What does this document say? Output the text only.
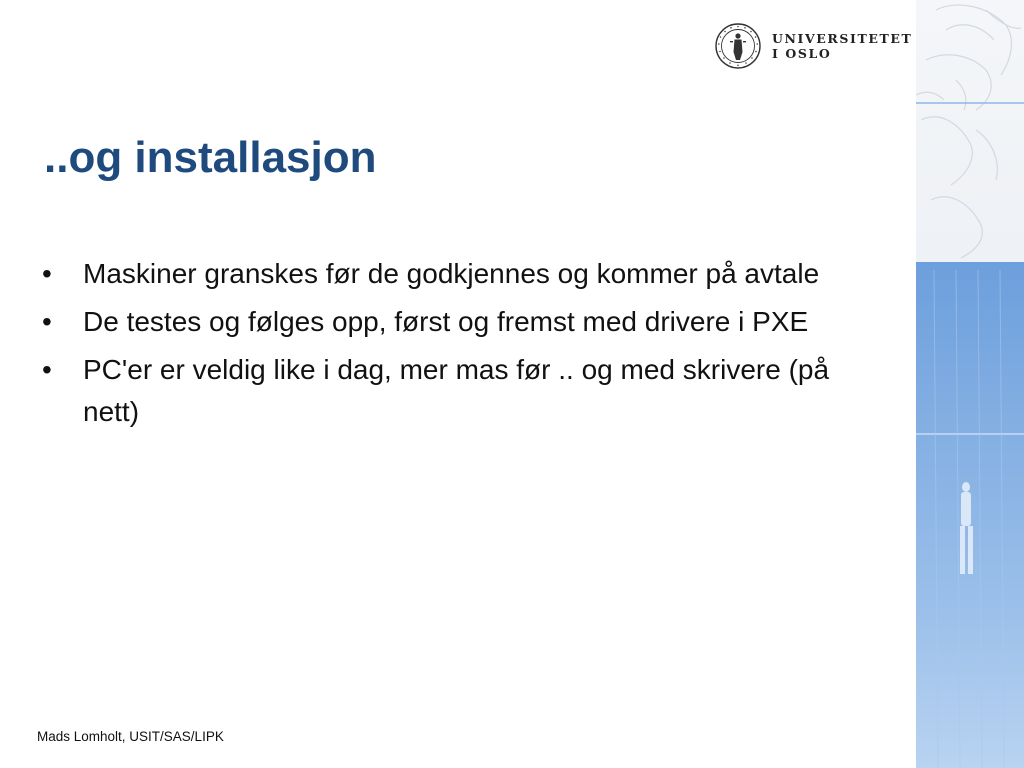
UNIVERSITETET
I OSLO
..og installasjon
•	Maskiner granskes før de godkjennes og kommer på avtale
•	De testes og følges opp, først og fremst med drivere i PXE
•	PC'er er veldig like i dag, mer mas før .. og med skrivere (på nett)
Mads Lomholt, USIT/SAS/LIPK
